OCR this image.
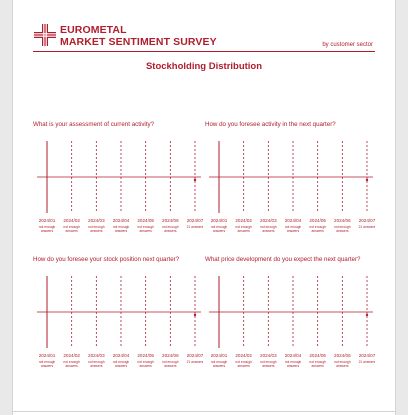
EUROMETAL
MARKET SENTIMENT SURVEY	by customer sector
Stockholding Distribution
What is your assessment of current activity?
2024/01
not enough
answers
2024/02
not enough
answers
2024/03
not enough
answers
2024/04
not enough
answers
2024/05
not enough
answers
2024/06
not enough
answers
2024/07
21 answers
How do you foresee activity in the next quarter?
2024/01
not enough
answers
2024/02
not enough
answers
2024/03
not enough
answers
2024/04
not enough
answers
2024/05
not enough
answers
2024/06
not enough
answers
2024/07
21 answers
How do you foresee your stock position next quarter?
2024/01
not enough
answers
2024/02
not enough
answers
2024/03
not enough
answers
2024/04
not enough
answers
2024/05
not enough
answers
2024/06
not enough
answers
2024/07
21 answers
What price development do you expect the next quarter?
2024/01
not enough
answers
2024/02
not enough
answers
2024/03
not enough
answers
2024/04
not enough
answers
2024/05
not enough
answers
2024/06
not enough
answers
2024/07
21 answers
